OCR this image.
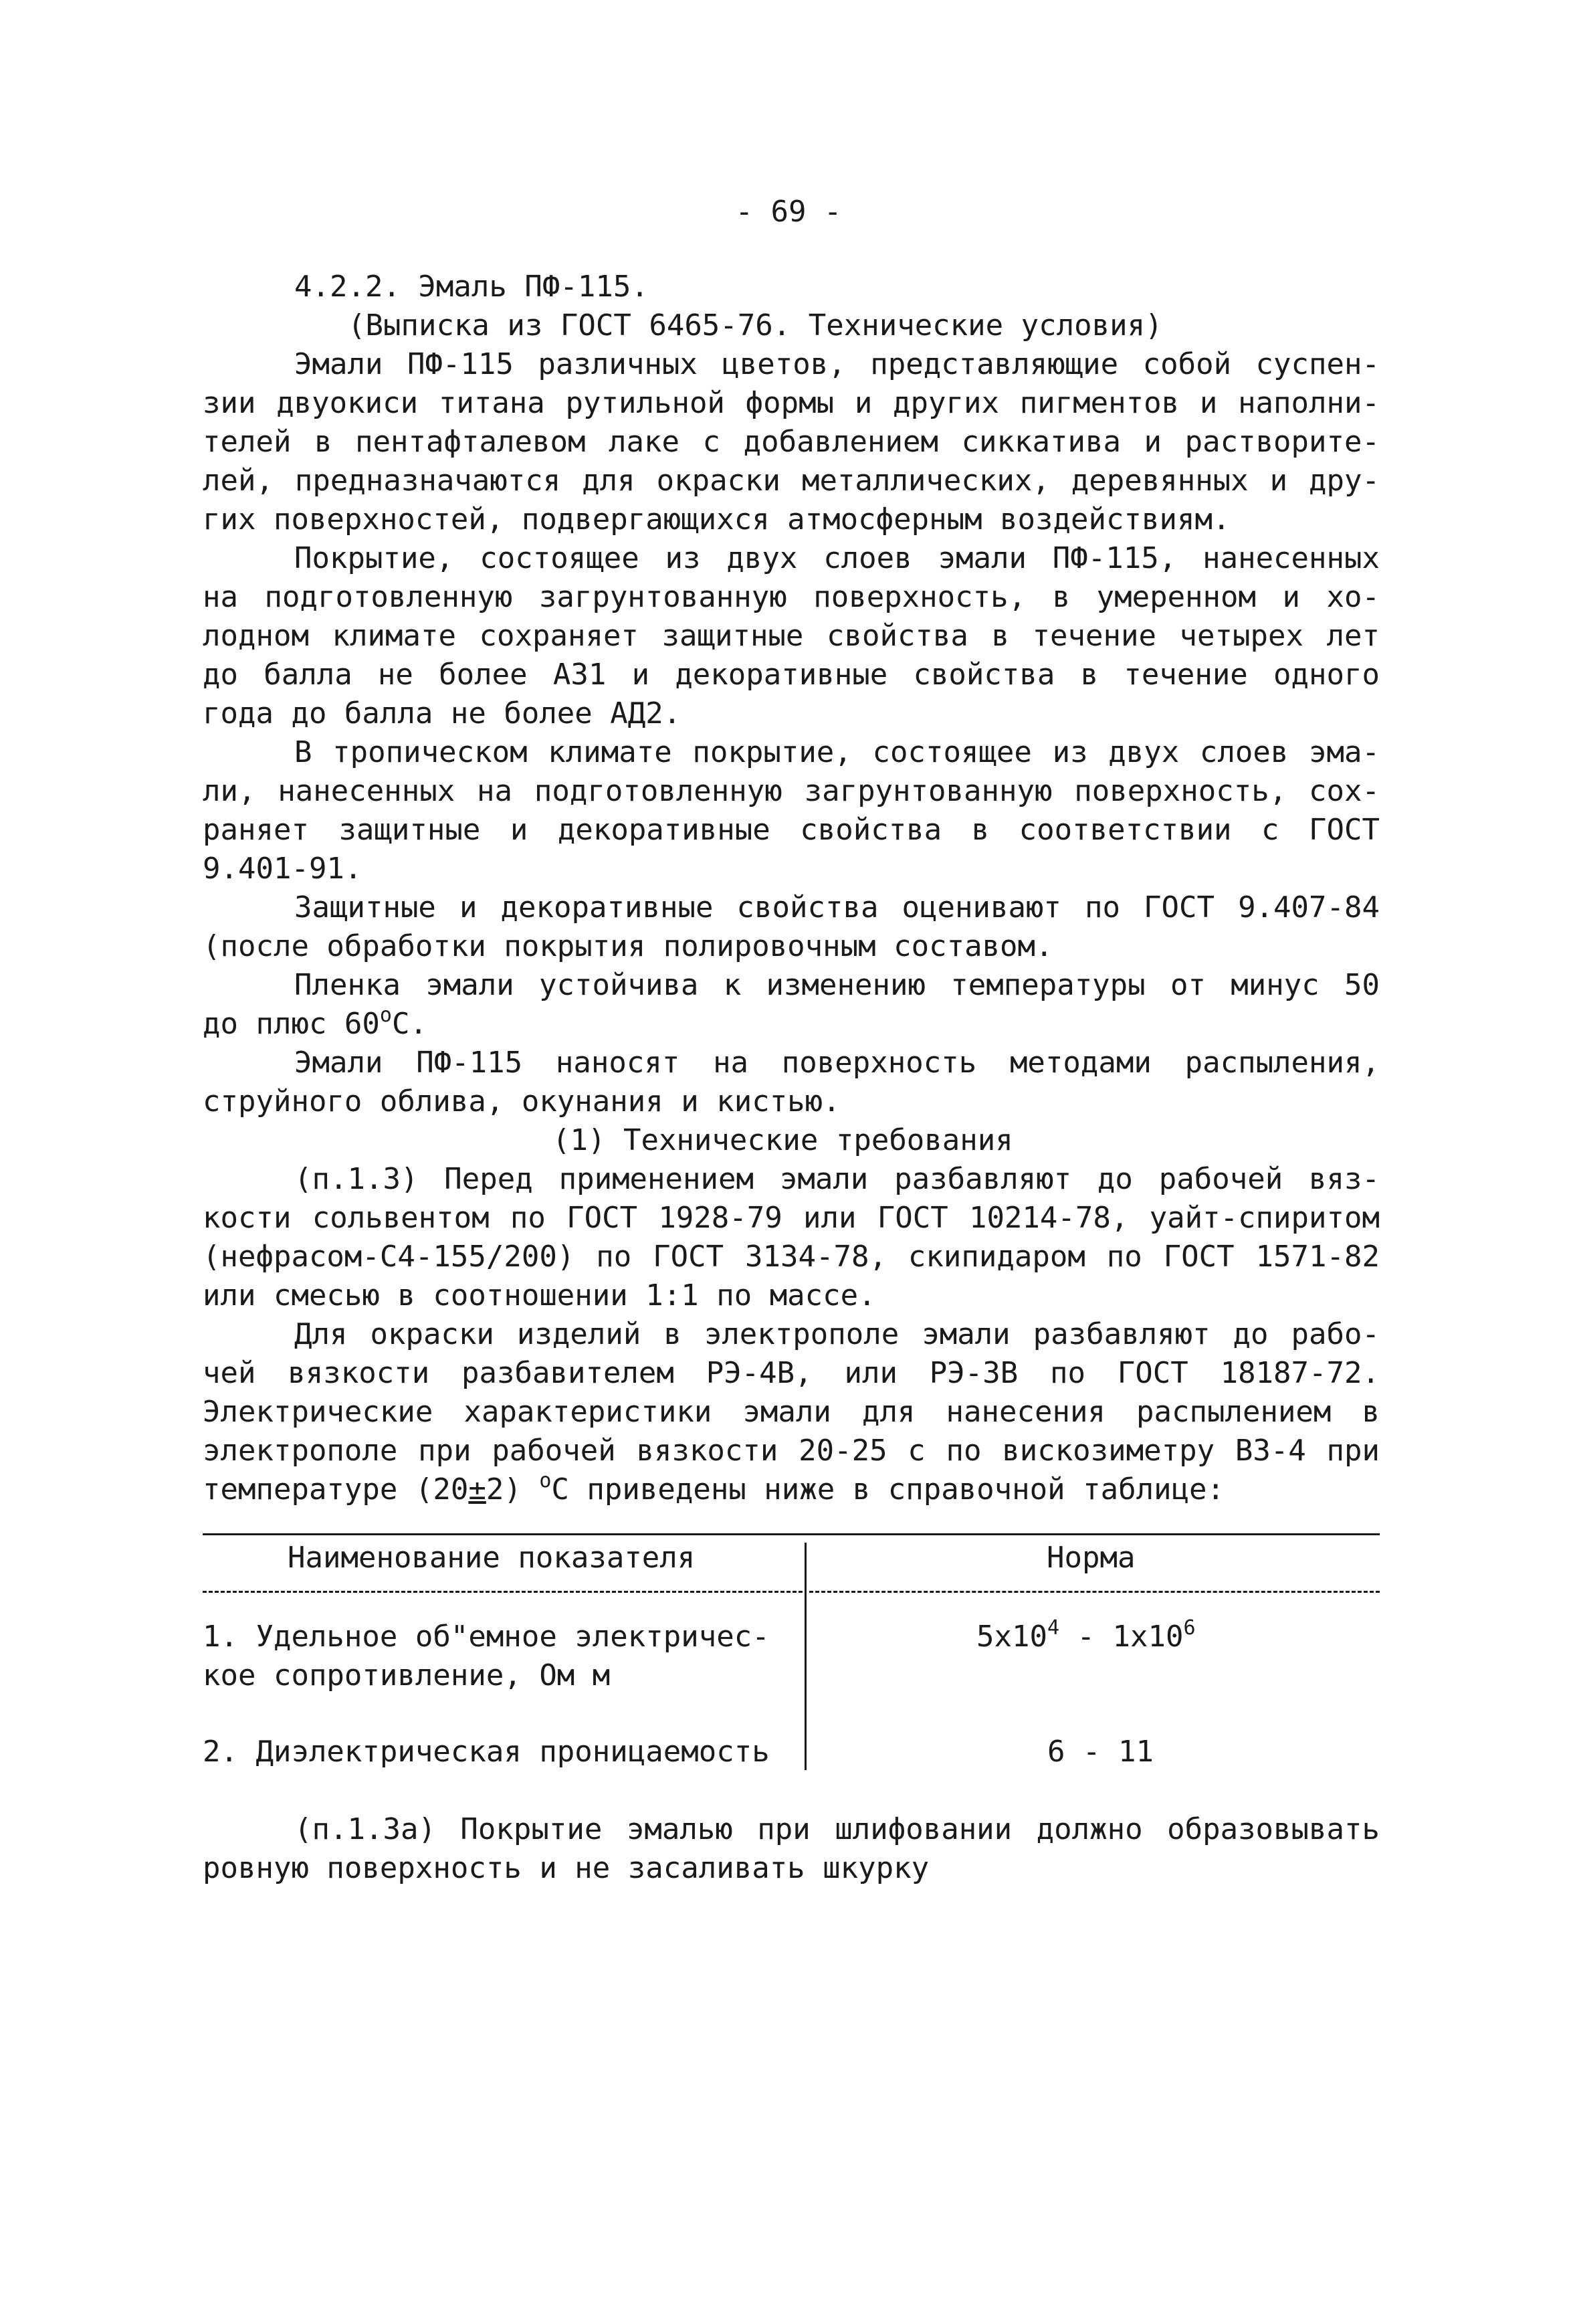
- 69 -
4.2.2. Эмаль ПФ-115.
(Выписка из ГОСТ 6465-76. Технические условия)
Эмали ПФ-115 различных цветов, представляющие собой суспен-
зии двуокиси титана рутильной формы и других пигментов и наполни-
телей в пентафталевом лаке с добавлением сиккатива и растворите-
лей, предназначаются для окраски металлических, деревянных и дру-
гих поверхностей, подвергающихся атмосферным воздействиям.
Покрытие, состоящее из двух слоев эмали ПФ-115, нанесенных
на подготовленную загрунтованную поверхность, в умеренном и хо-
лодном климате сохраняет защитные свойства в течение четырех лет
до балла не более А31 и декоративные свойства в течение одного
года до балла не более АД2.
В тропическом климате покрытие, состоящее из двух слоев эма-
ли, нанесенных на подготовленную загрунтованную поверхность, сох-
раняет защитные и декоративные свойства в соответствии с ГОСТ
9.401-91.
Защитные и декоративные свойства оценивают по ГОСТ 9.407-84
(после обработки покрытия полировочным составом.
Пленка эмали устойчива к изменению температуры от минус 50
до плюс $60^оС$.
Эмали ПФ-115 наносят на поверхность методами распыления,
струйного облива, окунания и кистью.
(1) Технические требования
(п.1.3) Перед применением эмали разбавляют до рабочей вяз-
кости сольвентом по ГОСТ 1928-79 или ГОСТ 10214-78, уайт-спиритом
(нефрасом-С4-155/200) по ГОСТ 3134-78, скипидаром по ГОСТ 1571-82
или смесью в соотношении 1:1 по массе.
Для окраски изделий в электрополе эмали разбавляют до рабо-
чей вязкости разбавителем РЭ-4В, или РЭ-3В по ГОСТ 18187-72.
Электрические характеристики эмали для нанесения распылением в
электрополе при рабочей вязкости 20-25 с по вискозиметру ВЗ-4 при
температуре (20±2) $^о$С приведены ниже в справочной таблице:
Наименование показателя	Норма
1. Удельное об"емное электричес-
кое сопротивление, Ом м
$5х10^4 - 1х10^6$
2. Диэлектрическая проницаемость	6 - 11
(п.1.3а) Покрытие эмалью при шлифовании должно образовывать
ровную поверхность и не засаливать шкурку
